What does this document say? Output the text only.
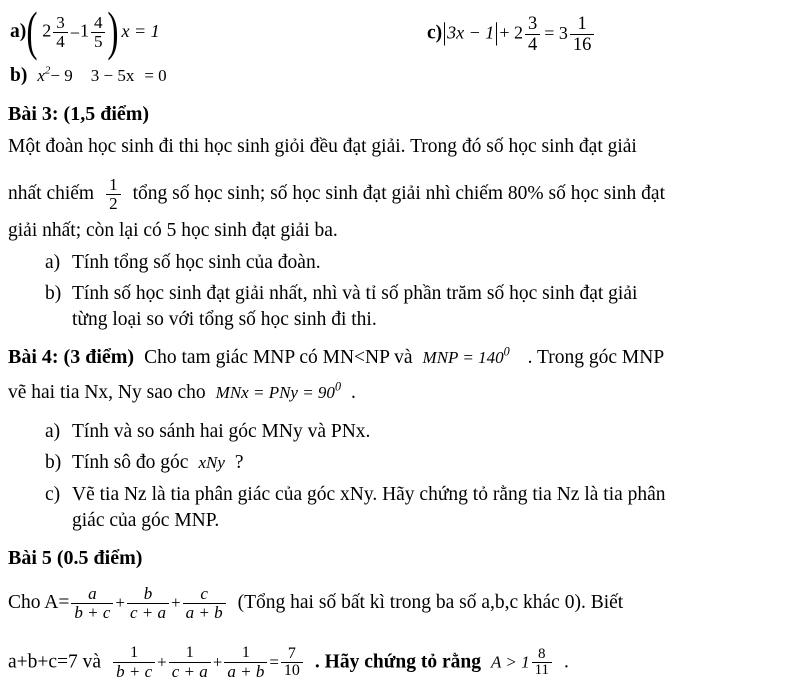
a) ( $2 \frac{3}{4} - 1 \frac{4}{5}$ ) x = 1	$c)|3x - 1|+ 2 \frac{3}{4} = 3 \frac{1}{16}$
b) $x^2- 9$ 3 − 5x = 0
Bài 3: (1,5 điểm)
Một đoàn học sinh đi thi học sinh giỏi đều đạt giải. Trong đó số học sinh đạt giải
nhất chiếm $\frac{1}{2}$ tổng số học sinh; số học sinh đạt giải nhì chiếm 80% số học sinh đạt
giải nhất; còn lại có 5 học sinh đạt giải ba.
a) Tính tổng số học sinh của đoàn.
b) Tính số học sinh đạt giải nhất, nhì và tỉ số phần trăm số học sinh đạt giải
từng loại so với tổng số học sinh đi thi.
Bài 4: (3 điểm) Cho tam giác MNP có MN<NP và MNP = $140^0$ . Trong góc MNP
vẽ hai tia Nx, Ny sao cho MNx = PNy = $90^0$ .
a) Tính và so sánh hai góc MNy và PNx.
b) Tính sô đo góc xNy ?
c) Vẽ tia Nz là tia phân giác của góc xNy. Hãy chứng tỏ rằng tia Nz là tia phân
giác của góc MNP.
Bài 5 (0.5 điểm)
Cho $A= \frac{a}{b + c} + \frac{b}{c + a} + \frac{c}{a + b}$ (Tổng hai số bất kì trong ba số a,b,c khác 0). Biết
a+b+c=7 và $\frac{1}{b + c} + \frac{1}{c + a} + \frac{1}{a + b} = \frac{7}{10}$ . Hãy chứng tỏ rằng $A > 1 \frac{8}{11}$ .
